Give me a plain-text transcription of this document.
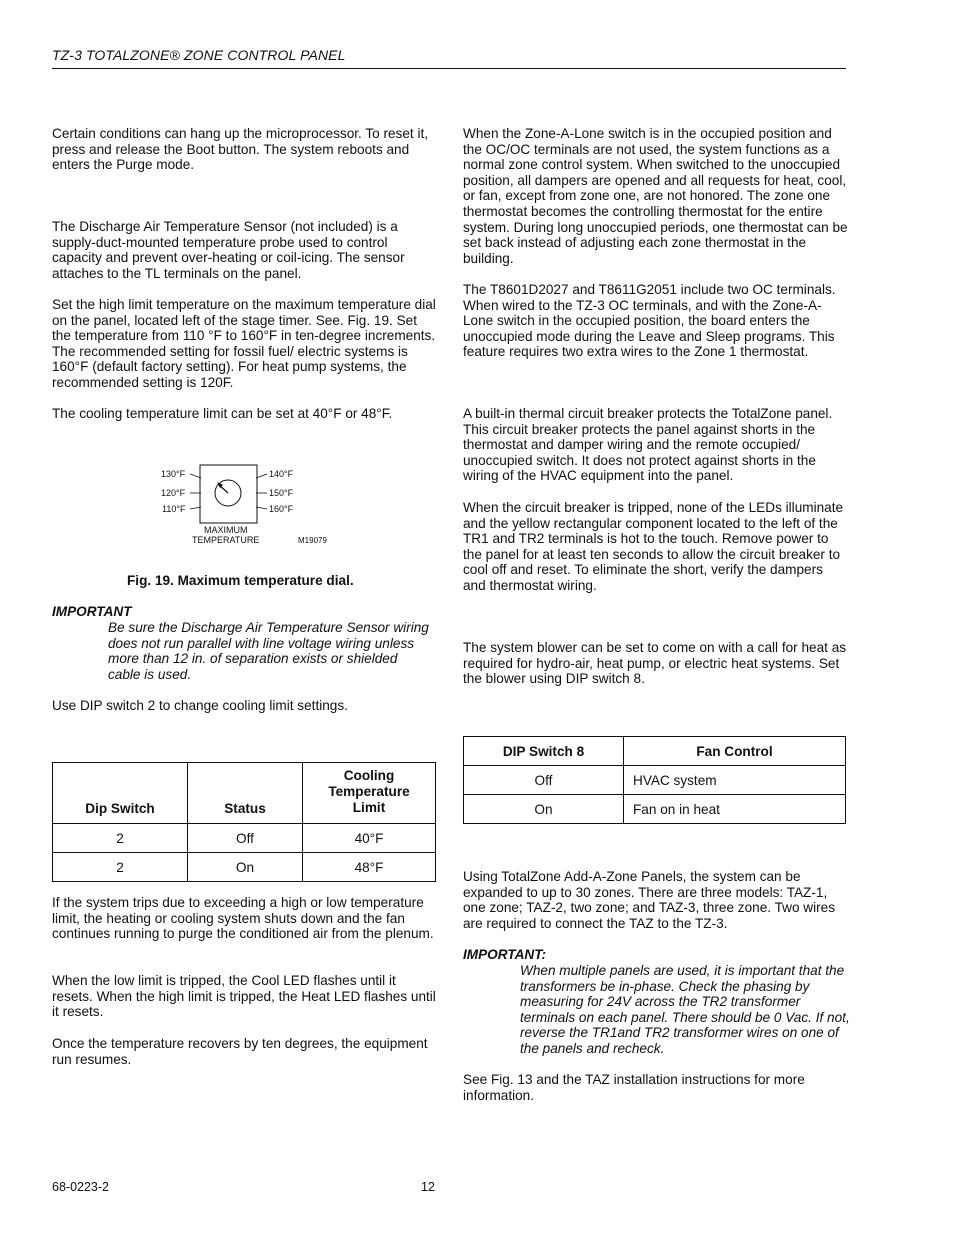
TZ-3 TOTALZONE® ZONE CONTROL PANEL

Certain conditions can hang up the microprocessor. To reset it, press and release the Boot button. The system reboots and enters the Purge mode.

The Discharge Air Temperature Sensor (not included) is a supply-duct-mounted temperature probe used to control capacity and prevent over-heating or coil-icing. The sensor attaches to the TL terminals on the panel.

Set the high limit temperature on the maximum temperature dial on the panel, located left of the stage timer. See. Fig. 19. Set the temperature from 110 °F to 160°F in ten-degree increments. The recommended setting for fossil fuel/ electric systems is 160°F (default factory setting). For heat pump systems, the recommended setting is 120F.

The cooling temperature limit can be set at 40°F or 48°F.

130°F
120°F
110°F
140°F
150°F
160°F
MAXIMUM
TEMPERATURE	M19079
Fig. 19. Maximum temperature dial.
IMPORTANT

Be sure the Discharge Air Temperature Sensor wiring does not run parallel with line voltage wiring unless more than 12 in. of separation exists or shielded cable is used.

Use DIP switch 2 to change cooling limit settings.

Dip Switch	Status	Cooling Temperature Limit
2	Off	40°F
2	On	48°F

If the system trips due to exceeding a high or low temperature limit, the heating or cooling system shuts down and the fan continues running to purge the conditioned air from the plenum.

When the low limit is tripped, the Cool LED flashes until it resets. When the high limit is tripped, the Heat LED flashes until it resets.

Once the temperature recovers by ten degrees, the equipment run resumes.

When the Zone-A-Lone switch is in the occupied position and the OC/OC terminals are not used, the system functions as a normal zone control system. When switched to the unoccupied position, all dampers are opened and all requests for heat, cool, or fan, except from zone one, are not honored. The zone one thermostat becomes the controlling thermostat for the entire system. During long unoccupied periods, one thermostat can be set back instead of adjusting each zone thermostat in the building.

The T8601D2027 and T8611G2051 include two OC terminals. When wired to the TZ-3 OC terminals, and with the Zone-A-Lone switch in the occupied position, the board enters the unoccupied mode during the Leave and Sleep programs. This feature requires two extra wires to the Zone 1 thermostat.

A built-in thermal circuit breaker protects the TotalZone panel. This circuit breaker protects the panel against shorts in the thermostat and damper wiring and the remote occupied/ unoccupied switch. It does not protect against shorts in the wiring of the HVAC equipment into the panel.

When the circuit breaker is tripped, none of the LEDs illuminate and the yellow rectangular component located to the left of the TR1 and TR2 terminals is hot to the touch. Remove power to the panel for at least ten seconds to allow the circuit breaker to cool off and reset. To eliminate the short, verify the dampers and thermostat wiring.

The system blower can be set to come on with a call for heat as required for hydro-air, heat pump, or electric heat systems. Set the blower using DIP switch 8.

DIP Switch 8	Fan Control
Off	HVAC system
On	Fan on in heat

Using TotalZone Add-A-Zone Panels, the system can be expanded to up to 30 zones. There are three models: TAZ-1, one zone; TAZ-2, two zone; and TAZ-3, three zone. Two wires are required to connect the TAZ to the TZ-3.

IMPORTANT:

When multiple panels are used, it is important that the transformers be in-phase. Check the phasing by measuring for 24V across the TR2 transformer terminals on each panel. There should be 0 Vac. If not, reverse the TR1and TR2 transformer wires on one of the panels and recheck.

See Fig. 13 and the TAZ installation instructions for more information.

68-0223-2	12
